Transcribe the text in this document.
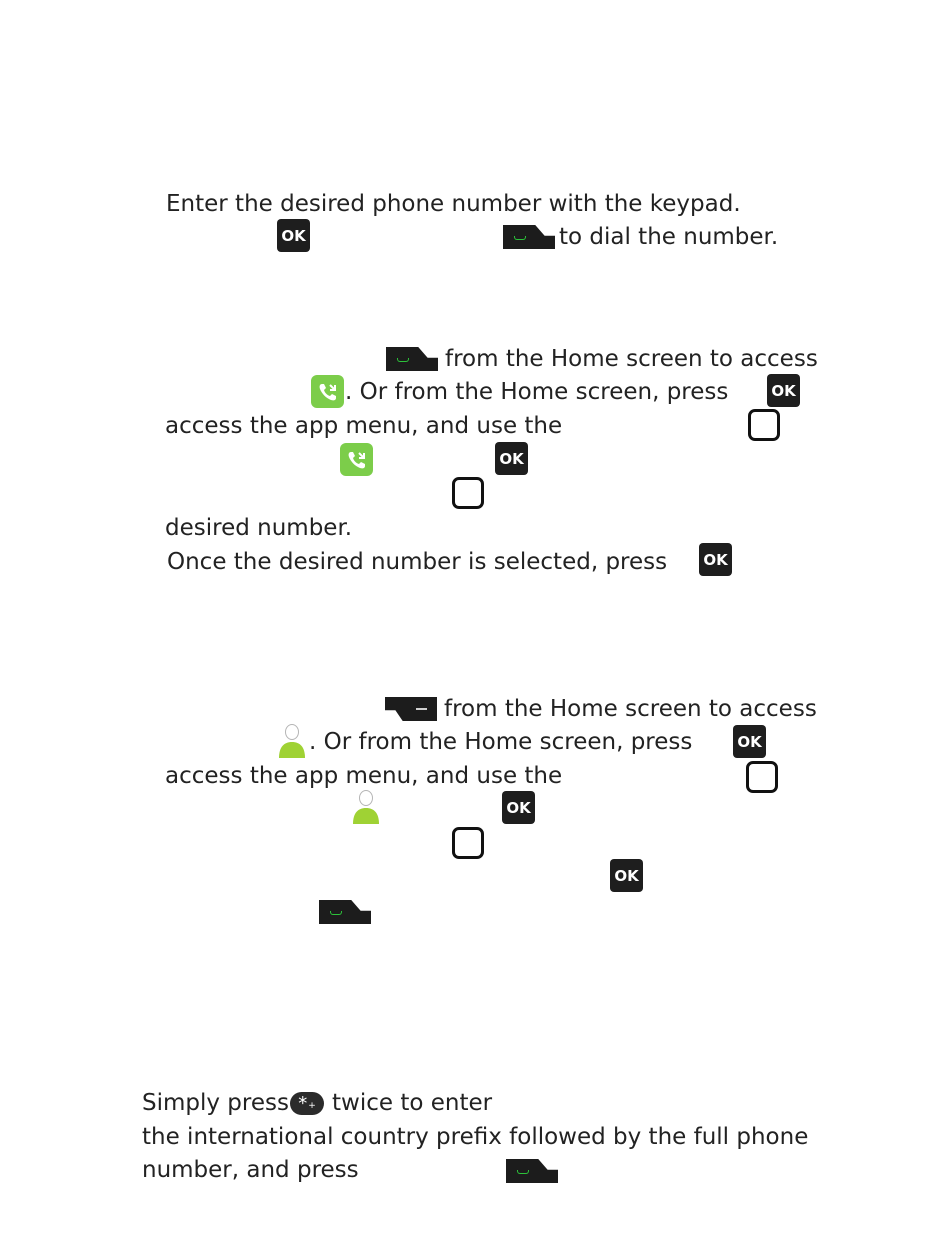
Enter the desired phone number with the keypad.
OK	to dial the number.
from the Home screen to access
. Or from the Home screen, press	OK
access the app menu, and use the
OK
desired number.
Once the desired number is selected, press OK
from the Home screen to access
. Or from the Home screen, press	OK
access the app menu, and use the
OK
OK
Simply press * + twice to enter
the international country prefix followed by the full phone
number, and press
